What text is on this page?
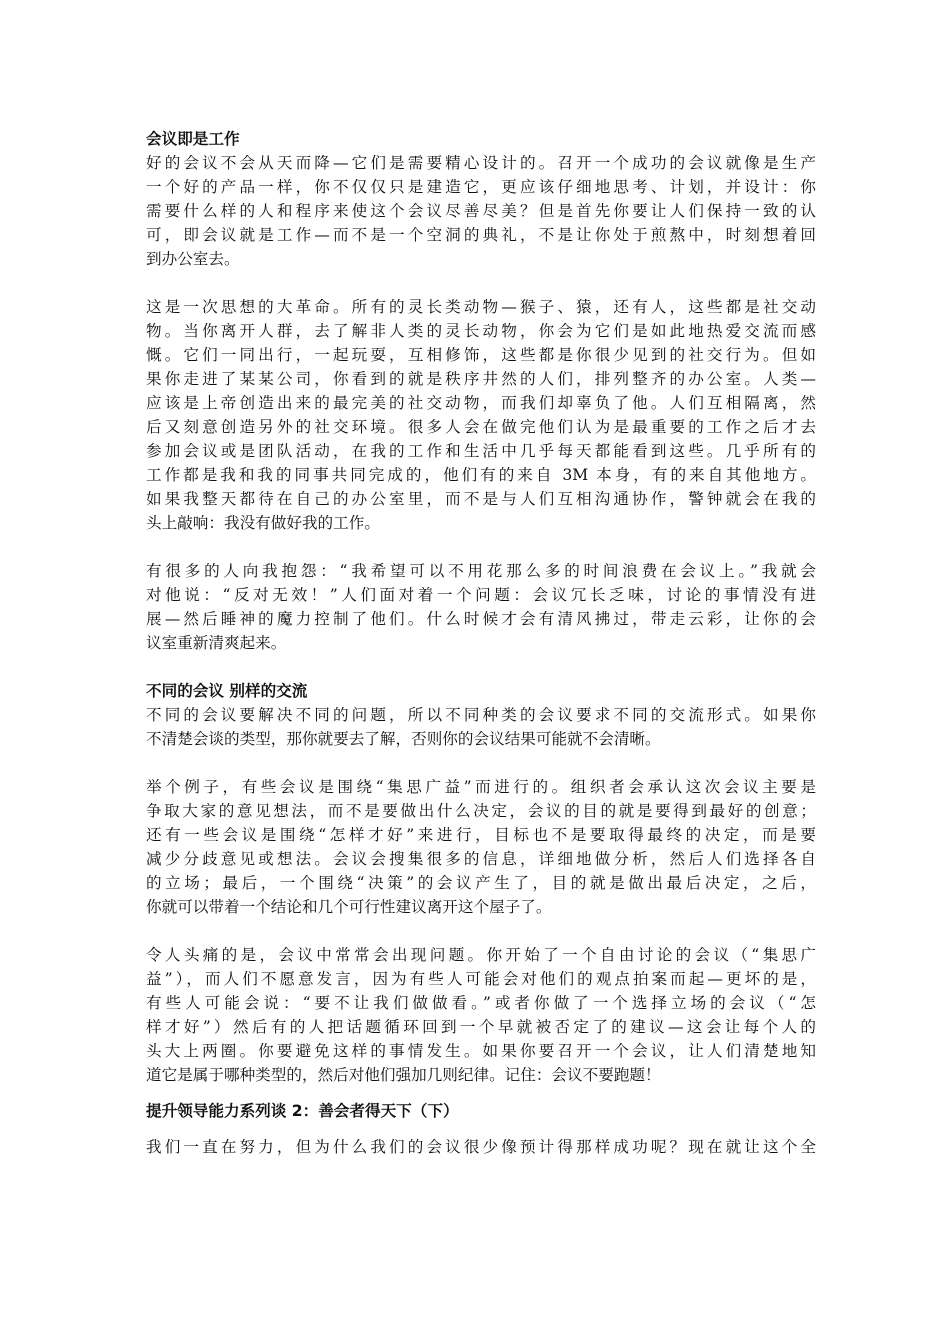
会议即是工作

好的会议不会从天而降—它们是需要精心设计的。召开一个成功的会议就像是生产
一个好的产品一样，你不仅仅只是建造它，更应该仔细地思考、计划，并设计：你
需要什么样的人和程序来使这个会议尽善尽美？但是首先你要让人们保持一致的认
可，即会议就是工作—而不是一个空洞的典礼，不是让你处于煎熬中，时刻想着回
到办公室去。
这是一次思想的大革命。所有的灵长类动物—猴子、猿，还有人，这些都是社交动
物。当你离开人群，去了解非人类的灵长动物，你会为它们是如此地热爱交流而感
慨。它们一同出行，一起玩耍，互相修饰，这些都是你很少见到的社交行为。但如
果你走进了某某公司，你看到的就是秩序井然的人们，排列整齐的办公室。人类—
应该是上帝创造出来的最完美的社交动物，而我们却辜负了他。人们互相隔离，然
后又刻意创造另外的社交环境。很多人会在做完他们认为是最重要的工作之后才去
参加会议或是团队活动，在我的工作和生活中几乎每天都能看到这些。几乎所有的
工作都是我和我的同事共同完成的，他们有的来自 3M 本身，有的来自其他地方。
如果我整天都待在自己的办公室里，而不是与人们互相沟通协作，警钟就会在我的
头上敲响：我没有做好我的工作。
有很多的人向我抱怨：“我希望可以不用花那么多的时间浪费在会议上。”我就会
对他说：“反对无效！”人们面对着一个问题：会议冗长乏味，讨论的事情没有进
展—然后睡神的魔力控制了他们。什么时候才会有清风拂过，带走云彩，让你的会
议室重新清爽起来。

不同的会议 别样的交流

不同的会议要解决不同的问题，所以不同种类的会议要求不同的交流形式。如果你
不清楚会谈的类型，那你就要去了解，否则你的会议结果可能就不会清晰。
举个例子，有些会议是围绕“集思广益”而进行的。组织者会承认这次会议主要是
争取大家的意见想法，而不是要做出什么决定，会议的目的就是要得到最好的创意；
还有一些会议是围绕“怎样才好”来进行，目标也不是要取得最终的决定，而是要
减少分歧意见或想法。会议会搜集很多的信息，详细地做分析，然后人们选择各自
的立场；最后，一个围绕“决策”的会议产生了，目的就是做出最后决定，之后，
你就可以带着一个结论和几个可行性建议离开这个屋子了。
令人头痛的是，会议中常常会出现问题。你开始了一个自由讨论的会议（“集思广
益”），而人们不愿意发言，因为有些人可能会对他们的观点拍案而起—更坏的是，
有些人可能会说：“要不让我们做做看。”或者你做了一个选择立场的会议（“怎
样才好”）然后有的人把话题循环回到一个早就被否定了的建议—这会让每个人的
头大上两圈。你要避免这样的事情发生。如果你要召开一个会议，让人们清楚地知
道它是属于哪种类型的，然后对他们强加几则纪律。记住：会议不要跑题！

提升领导能力系列谈 2：善会者得天下（下）

我们一直在努力，但为什么我们的会议很少像预计得那样成功呢？现在就让这个全
